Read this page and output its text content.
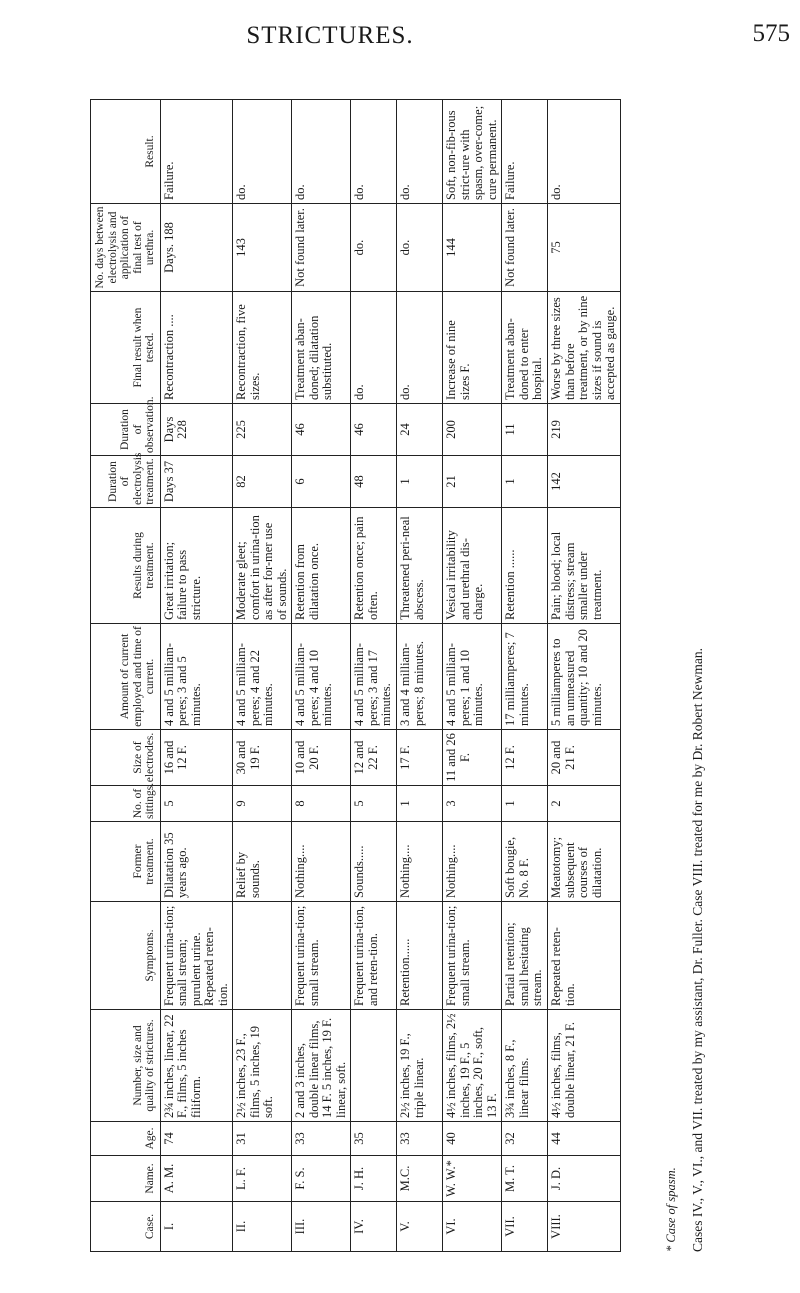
STRICTURES.	575
Case.	Name.	Age.	Number, size and quality of strictures.	Symptoms.	Former treatment.	No. of sittings.	Size of electrodes.	Amount of current employed and time of current.	Results during treatment.	Duration of electrolysis treatment.	Duration of observation.	Final result when tested.	No. days between electrolysis and application of final test of urethra.	Result.
I.	A. M.	74	2¾ inches, linear, 22 F., films, 5 inches filiform.	Frequent urina-tion; small stream; purulent urine. Repeated reten-tion.	Dilatation 35 years ago.	5	16 and 12 F.	4 and 5 milliam-peres; 3 and 5 minutes.	Great irritation; failure to pass stricture.	Days 37	Days 228	Recontraction ....	Days. 188	Failure.
II.	L. F.	31	2½ inches, 23 F., films, 5 inches, 19 soft.		Relief by sounds.	9	30 and 19 F.	4 and 5 milliam-peres; 4 and 22 minutes.	Moderate gleet; comfort in urina-tion as after for-mer use of sounds.	82	225	Recontraction, five sizes.	143	do.
III.	F. S.	33	2 and 3 inches, double linear films, 14 F. 5 inches, 19 F. linear, soft.	Frequent urina-tion; small stream.	Nothing....	8	10 and 20 F.	4 and 5 milliam-peres; 4 and 10 minutes.	Retention from dilatation once.	6	46	Treatment aban-doned; dilatation substituted.	Not found later.	do.
IV.	J. H.	35		Frequent urina-tion, and reten-tion.	Sounds.....	5	12 and 22 F.	4 and 5 milliam-peres; 3 and 17 minutes.	Retention once; pain often.	48	46	do.	do.	do.
V.	M.C.	33	2½ inches, 19 F., triple linear.	Retention......	Nothing....	1	17 F.	3 and 4 milliam-peres; 8 minutes.	Threatened peri-neal abscess.	1	24	do.	do.	do.
VI.	W. W.*	40	4½ inches, films, 2½ inches, 19 F., 5 inches, 20 F., soft, 13 F.	Frequent urina-tion; small stream.	Nothing....	3	11 and 26 F.	4 and 5 milliam-peres; 1 and 10 minutes.	Vesical irritability and urethral dis-charge.	21	200	Increase of nine sizes F.	144	Soft, non-fib-rous strict-ure with spasm, over-come; cure permanent.
VII.	M. T.	32	3¾ inches, 8 F., linear films.	Partial retention; small hesitating stream.	Soft bougie, No. 8 F.	1	12 F.	17 milliamperes; 7 minutes.	Retention ......	1	11	Treatment aban-doned to enter hospital.	Not found later.	Failure.
VIII.	J. D.	44	4½ inches, films, double linear, 21 F.	Repeated reten-tion.	Meatotomy; subsequent courses of dilatation.	2	20 and 21 F.	5 milliamperes to an unmeasured quantity; 10 and 20 minutes.	Pain; blood; local distress; stream smaller under treatment.	142	219	Worse by three sizes than before treatment, or by nine sizes if sound is accepted as gauge.	75	do.
* Case of spasm. Cases IV., V., VI., and VII. treated by my assistant, Dr. Fuller. Case VIII. treated for me by Dr. Robert Newman.
